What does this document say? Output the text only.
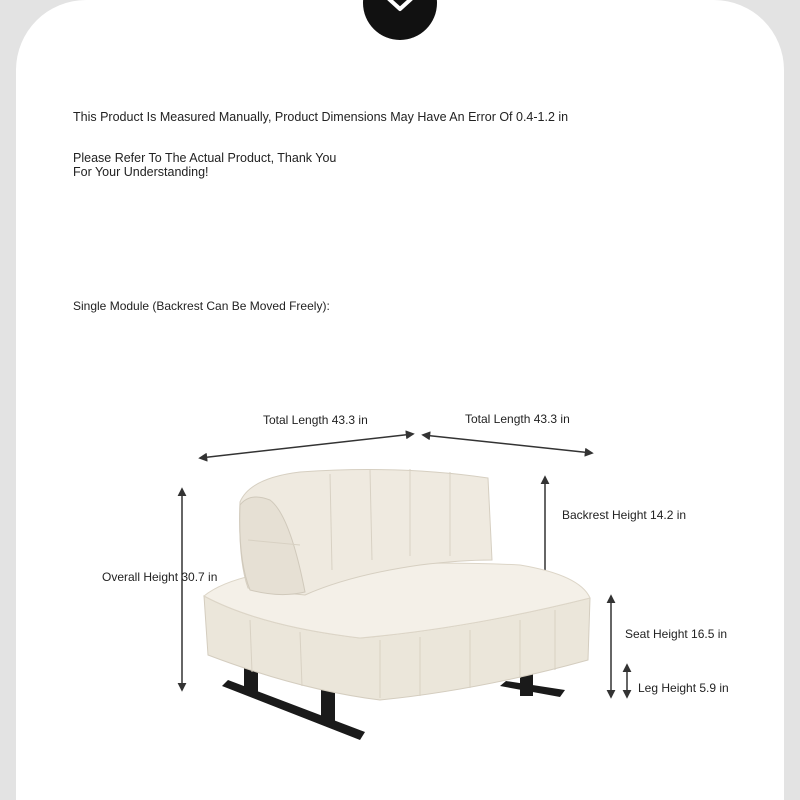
This Product Is Measured Manually, Product Dimensions May Have An Error Of 0.4-1.2 in
Please Refer To The Actual Product, Thank You
For Your Understanding!
Single Module (Backrest Can Be Moved Freely):
Total Length 43.3 in	Total Length 43.3 in
Backrest Height 14.2 in
Overall Height 30.7 in
Seat Height 16.5 in
Leg Height 5.9 in
